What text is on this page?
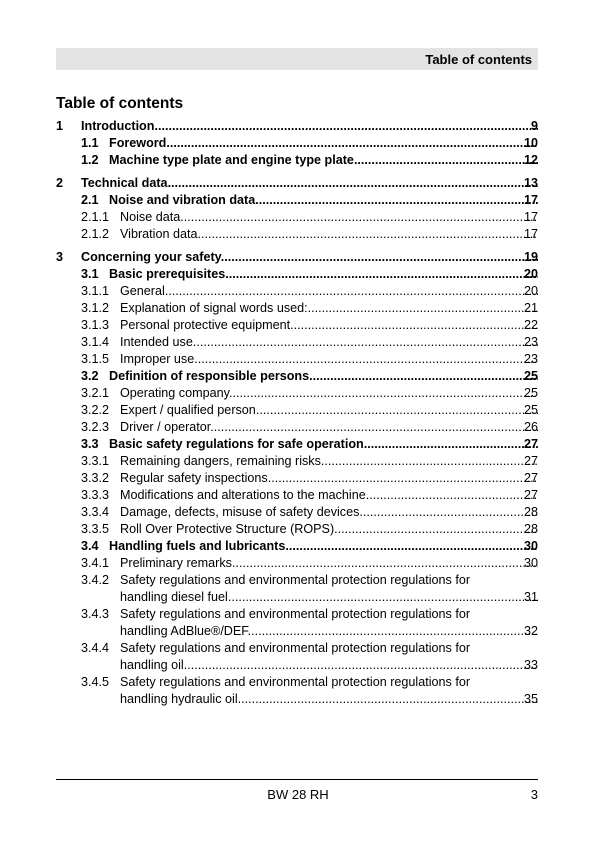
Table of contents
Table of contents
1 Introduction .....	9
1.1 Foreword .....	10
1.2 Machine type plate and engine type plate .....	12
2 Technical data .....	13
2.1 Noise and vibration data .....	17
2.1.1 Noise data .....	17
2.1.2 Vibration data .....	17
3 Concerning your safety .....	19
3.1 Basic prerequisites .....	20
3.1.1 General .....	20
3.1.2 Explanation of signal words used: .....	21
3.1.3 Personal protective equipment .....	22
3.1.4 Intended use .....	23
3.1.5 Improper use .....	23
3.2 Definition of responsible persons .....	25
3.2.1 Operating company .....	25
3.2.2 Expert / qualified person .....	25
3.2.3 Driver / operator .....	26
3.3 Basic safety regulations for safe operation .....	27
3.3.1 Remaining dangers, remaining risks .....	27
3.3.2 Regular safety inspections .....	27
3.3.3 Modifications and alterations to the machine .....	27
3.3.4 Damage, defects, misuse of safety devices .....	28
3.3.5 Roll Over Protective Structure (ROPS) .....	28
3.4 Handling fuels and lubricants .....	30
3.4.1 Preliminary remarks .....	30
3.4.2 Safety regulations and environmental protection regulations for
handling diesel fuel .....	31
3.4.3 Safety regulations and environmental protection regulations for
handling AdBlue®/DEF .....	32
3.4.4 Safety regulations and environmental protection regulations for
handling oil .....	33
3.4.5 Safety regulations and environmental protection regulations for
handling hydraulic oil .....	35
BW 28 RH	3
